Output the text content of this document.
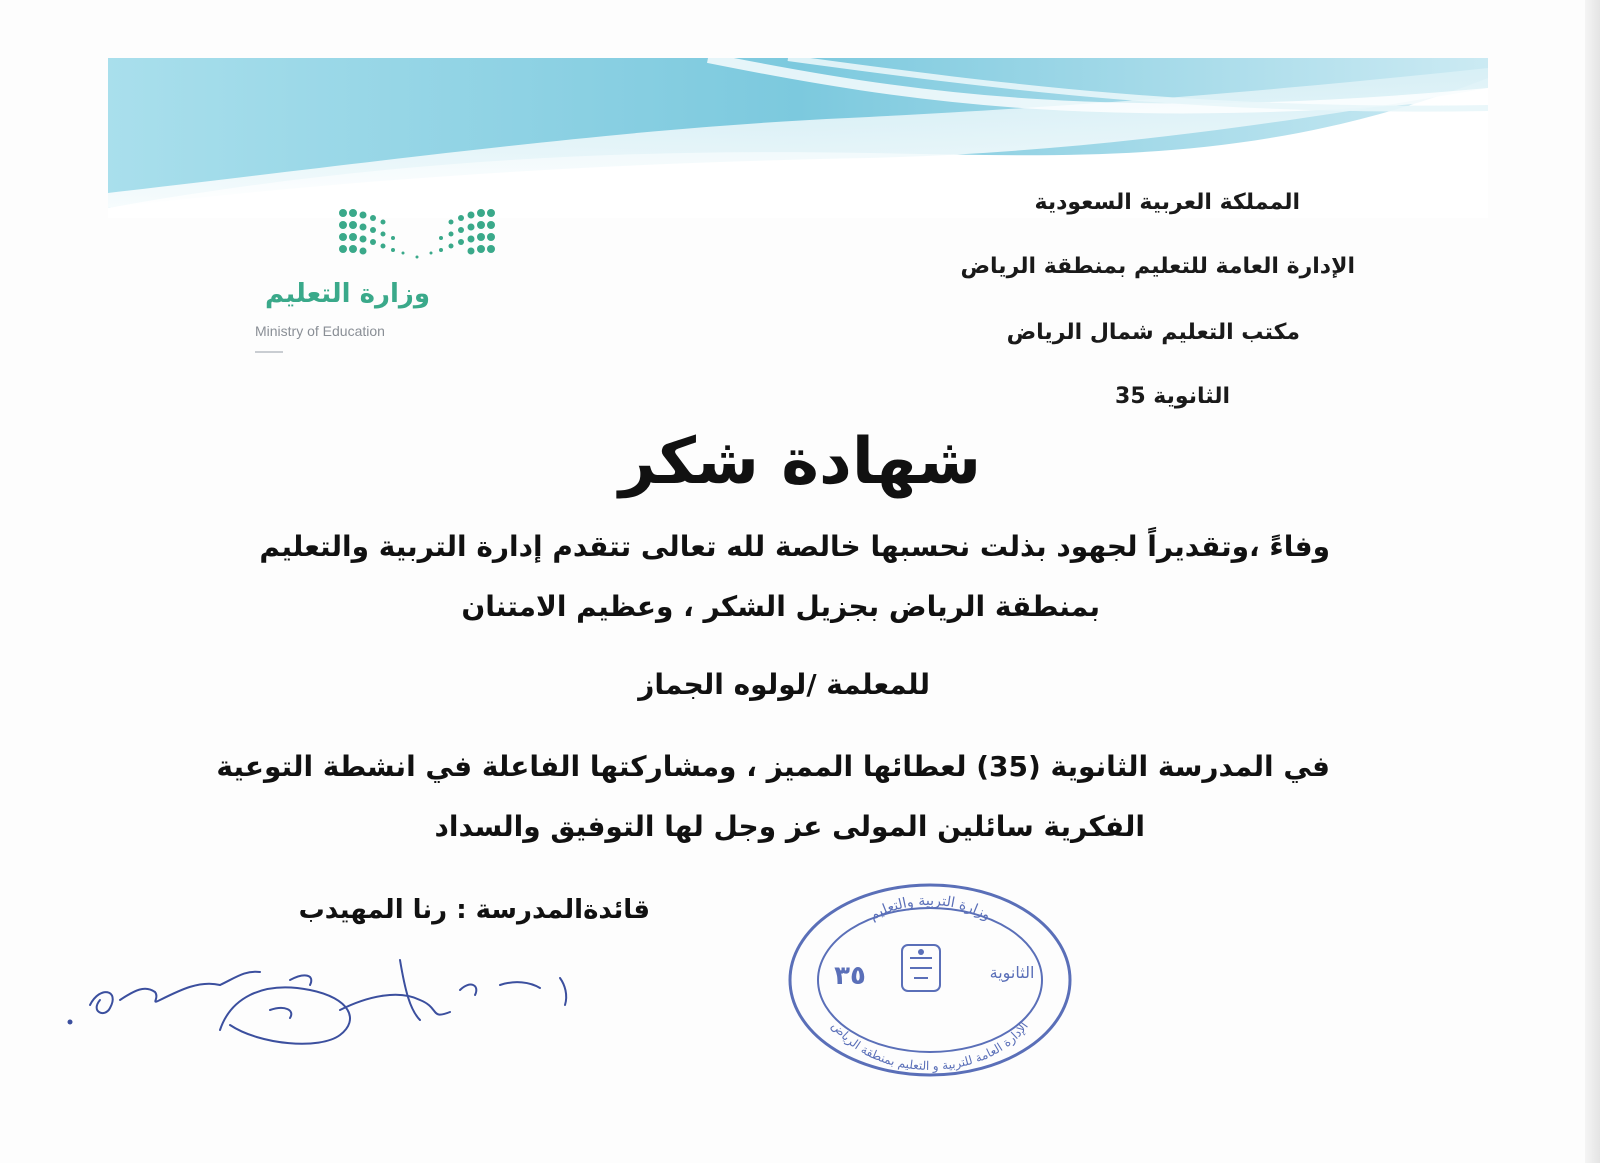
وزارة التعليم
Ministry of Education
المملكة العربية السعودية
الإدارة العامة للتعليم بمنطقة الرياض
مكتب التعليم شمال الرياض
الثانوية 35
شهادة شكر
وفاءً ،وتقديراً لجهود بذلت نحسبها خالصة لله تعالى تتقدم إدارة التربية والتعليم
بمنطقة الرياض بجزيل الشكر ، وعظيم الامتنان
للمعلمة /لولوه الجماز
في المدرسة الثانوية (35) لعطائها المميز ، ومشاركتها الفاعلة في انشطة التوعية
الفكرية سائلين المولى عز وجل لها التوفيق والسداد
قائدةالمدرسة : رنا المهيدب	وزارة التربية والتعليم
الإدارة العامة للتربية و التعليم بمنطقة الرياض
الثانوية
٣٥
